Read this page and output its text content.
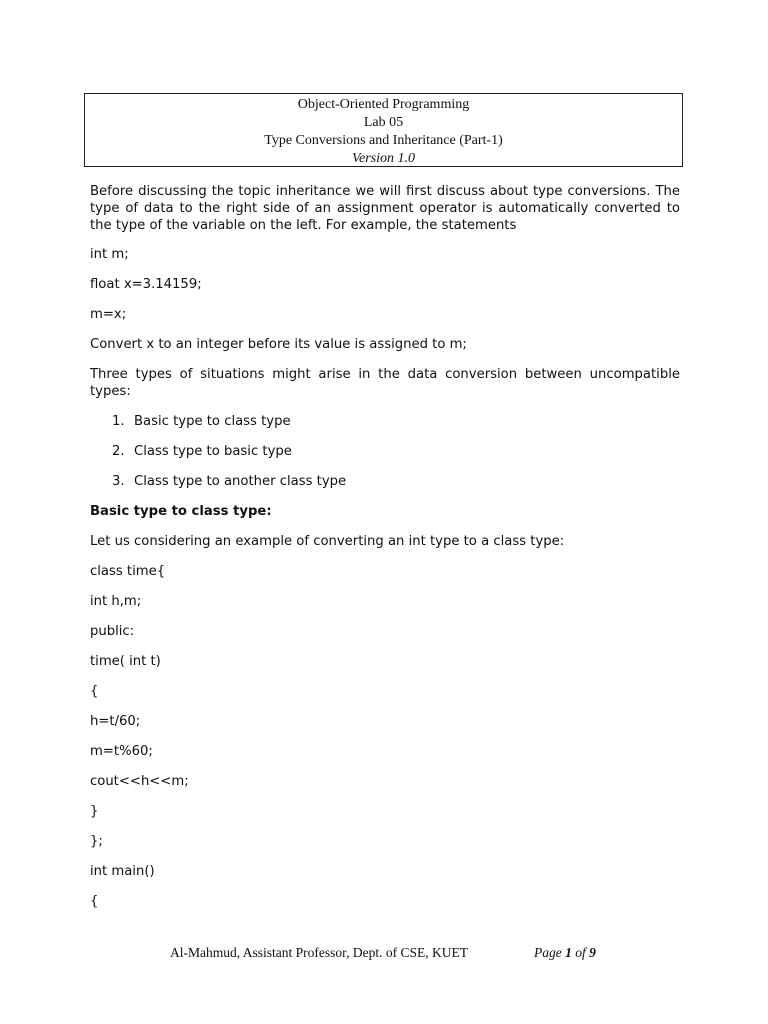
Object-Oriented Programming
Lab 05
Type Conversions and Inheritance (Part-1)
Version 1.0

Before discussing the topic inheritance we will first discuss about type conversions. The type of data to the right side of an assignment operator is automatically converted to the type of the variable on the left. For example, the statements

int m;
float x=3.14159;
m=x;

Convert x to an integer before its value is assigned to m;

Three types of situations might arise in the data conversion between uncompatible types:

1. Basic type to class type
2. Class type to basic type
3. Class type to another class type
Basic type to class type:

Let us considering an example of converting an int type to a class type:

class time{
int h,m;
public:
time( int t)
{
h=t/60;
m=t%60;
cout<<h<<m;
}
};
int main()
{
Al-Mahmud, Assistant Professor, Dept. of CSE, KUET	Page 1 of 9
